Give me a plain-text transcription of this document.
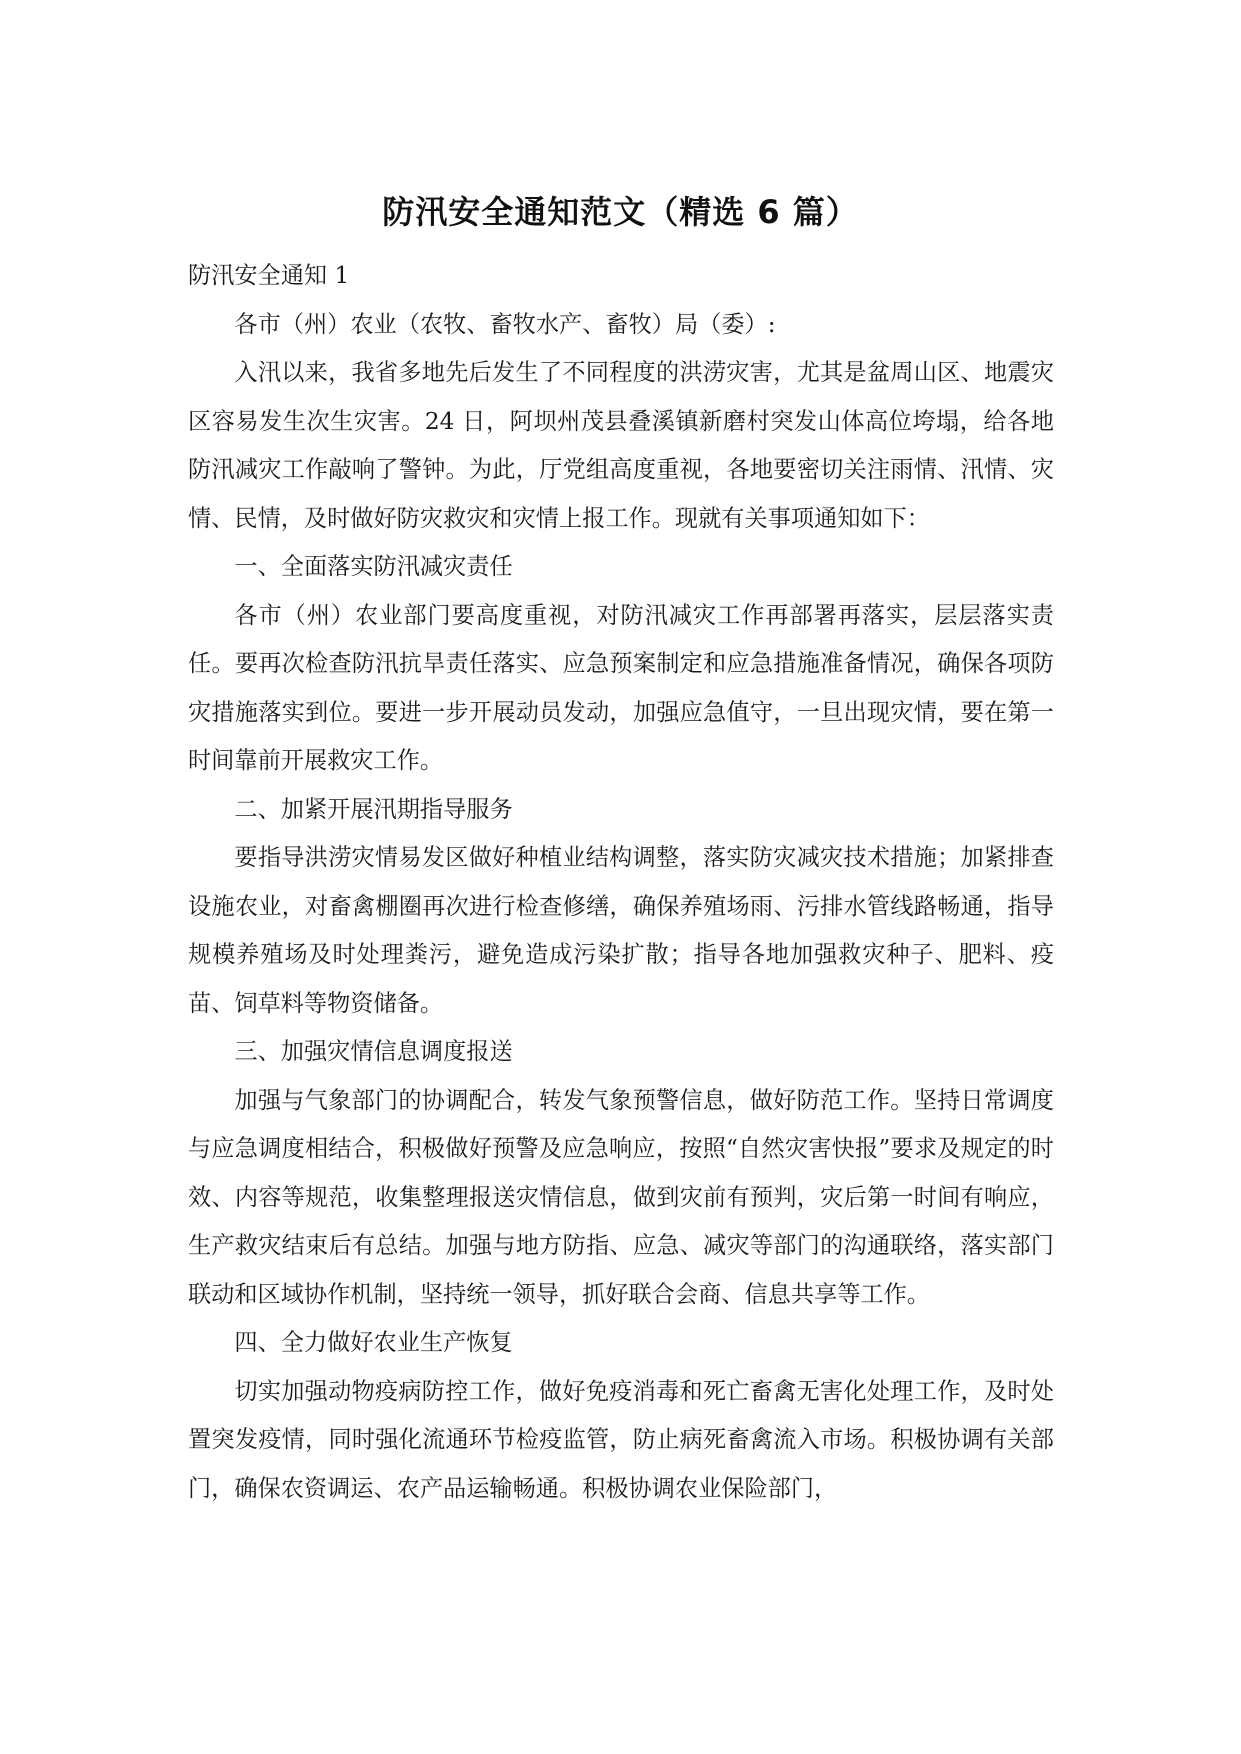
防汛安全通知范文（精选 6 篇）

防汛安全通知 1

各市（州）农业（农牧、畜牧水产、畜牧）局（委）:

入汛以来，我省多地先后发生了不同程度的洪涝灾害，尤其是盆周山区、地震灾区容易发生次生灾害。24 日，阿坝州茂县叠溪镇新磨村突发山体高位垮塌，给各地防汛减灾工作敲响了警钟。为此，厅党组高度重视，各地要密切关注雨情、汛情、灾情、民情，及时做好防灾救灾和灾情上报工作。现就有关事项通知如下：

一、全面落实防汛减灾责任

各市（州）农业部门要高度重视，对防汛减灾工作再部署再落实，层层落实责任。要再次检查防汛抗旱责任落实、应急预案制定和应急措施准备情况，确保各项防灾措施落实到位。要进一步开展动员发动，加强应急值守，一旦出现灾情，要在第一时间靠前开展救灾工作。

二、加紧开展汛期指导服务

要指导洪涝灾情易发区做好种植业结构调整，落实防灾减灾技术措施；加紧排查设施农业，对畜禽棚圈再次进行检查修缮，确保养殖场雨、污排水管线路畅通，指导规模养殖场及时处理粪污，避免造成污染扩散；指导各地加强救灾种子、肥料、疫苗、饲草料等物资储备。

三、加强灾情信息调度报送

加强与气象部门的协调配合，转发气象预警信息，做好防范工作。坚持日常调度与应急调度相结合，积极做好预警及应急响应，按照“自然灾害快报”要求及规定的时效、内容等规范，收集整理报送灾情信息，做到灾前有预判，灾后第一时间有响应，生产救灾结束后有总结。加强与地方防指、应急、减灾等部门的沟通联络，落实部门联动和区域协作机制，坚持统一领导，抓好联合会商、信息共享等工作。

四、全力做好农业生产恢复

切实加强动物疫病防控工作，做好免疫消毒和死亡畜禽无害化处理工作，及时处置突发疫情，同时强化流通环节检疫监管，防止病死畜禽流入市场。积极协调有关部门，确保农资调运、农产品运输畅通。积极协调农业保险部门，
